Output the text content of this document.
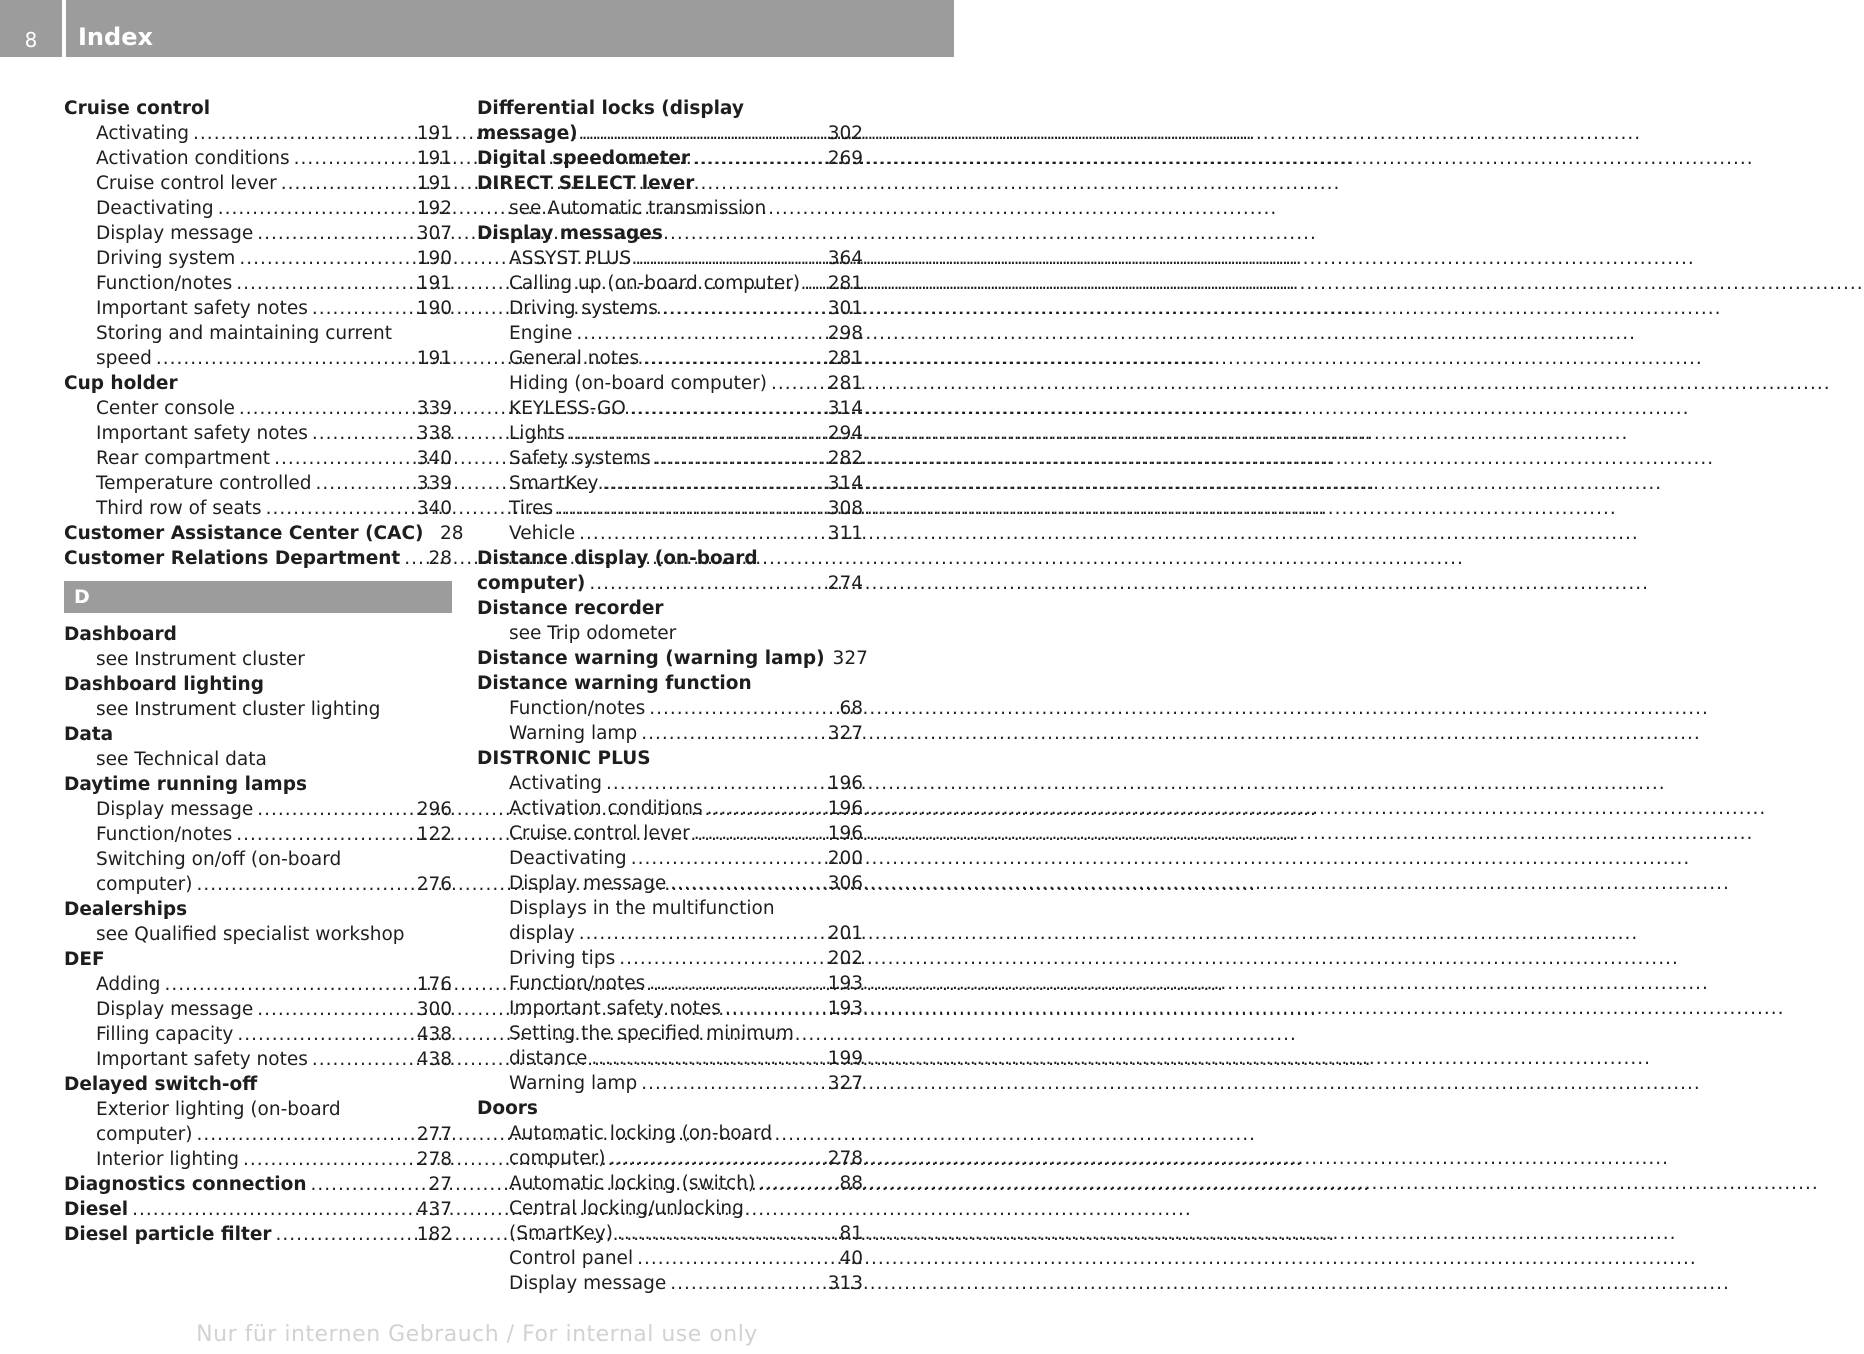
8	Index
Cruise control
Activating .....	191
Activation conditions .....	191
Cruise control lever .....	191
Deactivating .....	192
Display message .....	307
Driving system .....	190
Function/notes .....	191
Important safety notes .....	190
Storing and maintaining current
speed .....	191
Cup holder
Center console .....	339
Important safety notes .....	338
Rear compartment .....	340
Temperature controlled .....	339
Third row of seats .....	340
Customer Assistance Center (CAC) 28
Customer Relations Department .....	28
D
Dashboard
see Instrument cluster
Dashboard lighting
see Instrument cluster lighting
Data
see Technical data
Daytime running lamps
Display message .....	296
Function/notes .....	122
Switching on/off (on-board
computer) .....	276
Dealerships
see Qualified specialist workshop
DEF
Adding .....	176
Display message .....	300
Filling capacity .....	438
Important safety notes .....	438
Delayed switch-off
Exterior lighting (on-board
computer) .....	277
Interior lighting .....	278
Diagnostics connection .....	27
Diesel .....	437
Diesel particle filter .....	182
Differential locks (display
message) .....	302
Digital speedometer .....	269
DIRECT SELECT lever
see Automatic transmission
Display messages
ASSYST PLUS .....	364
Calling up (on-board computer) ..... 281
Driving systems .....	301
Engine .....	298
General notes .....	281
Hiding (on-board computer) .....	281
KEYLESS-GO .....	314
Lights .....	294
Safety systems .....	282
SmartKey .....	314
Tires .....	308
Vehicle .....	311
Distance display (on-board
computer) .....	274
Distance recorder
see Trip odometer
Distance warning (warning lamp) 327
Distance warning function
Function/notes .....	68
Warning lamp .....	327
DISTRONIC PLUS
Activating .....	196
Activation conditions .....	196
Cruise control lever .....	196
Deactivating .....	200
Display message .....	306
Displays in the multifunction
display .....	201
Driving tips .....	202
Function/notes .....	193
Important safety notes .....	193
Setting the specified minimum
distance .....	199
Warning lamp .....	327
Doors
Automatic locking (on-board
computer) .....	278
Automatic locking (switch) .....	88
Central locking/unlocking
(SmartKey) .....	81
Control panel .....	40
Display message .....	313
Nur für internen Gebrauch / For internal use only
